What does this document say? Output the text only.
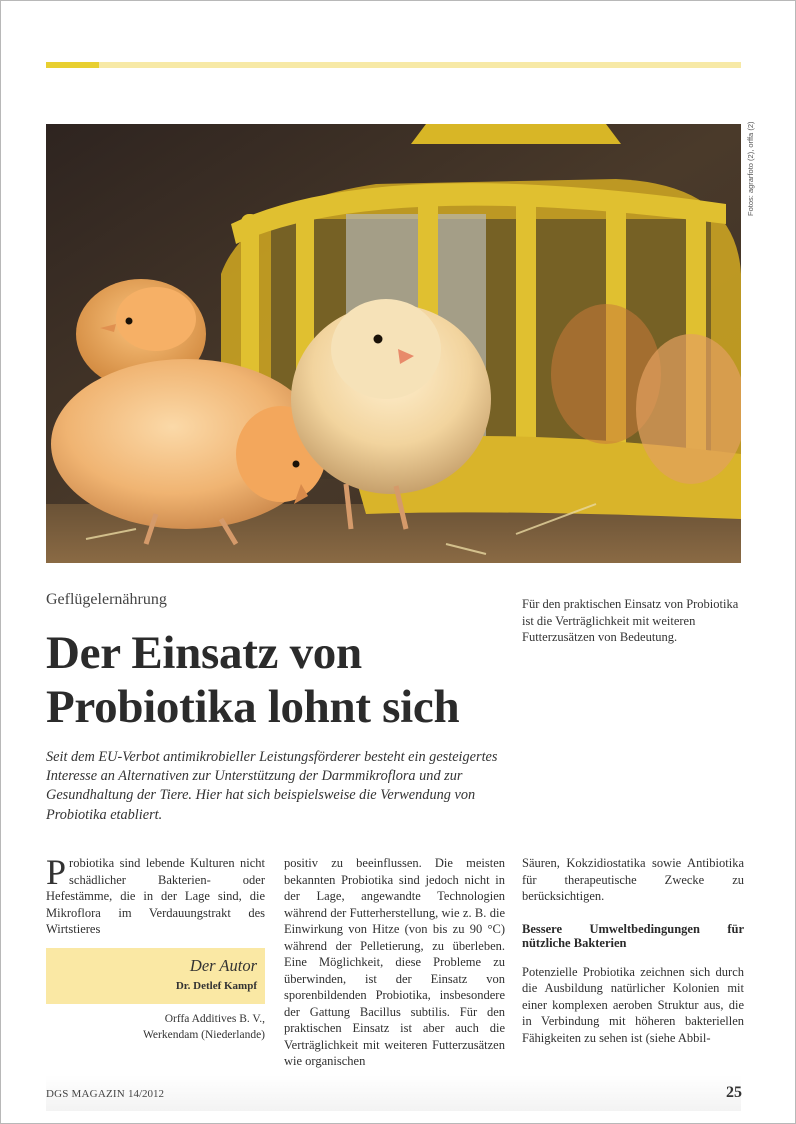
Fotos: agrarfoto (2), orffa (2)
Geflügelernährung
Der Einsatz von Probiotika lohnt sich
Für den praktischen Einsatz von Probiotika ist die Verträglichkeit mit weiteren Futterzusätzen von Bedeutung.
Seit dem EU-Verbot antimikrobieller Leistungsförderer besteht ein gesteigertes Interesse an Alternativen zur Unterstützung der Darmmikroflora und zur Gesundhaltung der Tiere. Hier hat sich beispielsweise die Verwendung von Probiotika etabliert.
Probiotika sind lebende Kulturen nicht schädlicher Bakterien- oder Hefestämme, die in der Lage sind, die Mikroflora im Verdauungstrakt des Wirtstieres
Der Autor
Dr. Detlef Kampf
Orffa Additives B. V.,
Werkendam (Niederlande)
positiv zu beeinflussen. Die meisten bekannten Probiotika sind jedoch nicht in der Lage, angewandte Technologien während der Futterherstellung, wie z. B. die Einwirkung von Hitze (von bis zu 90 °C) während der Pelletierung, zu überleben. Eine Möglichkeit, diese Probleme zu überwinden, ist der Einsatz von sporenbildenden Probiotika, insbesondere der Gattung Bacillus subtilis. Für den praktischen Einsatz ist aber auch die Verträglichkeit mit weiteren Futterzusätzen wie organischen

Säuren, Kokzidiostatika sowie Antibiotika für therapeutische Zwecke zu berücksichtigen.

Bessere Umweltbedingungen für nützliche Bakterien

Potenzielle Probiotika zeichnen sich durch die Ausbildung natürlicher Kolonien mit einer komplexen aeroben Struktur aus, die in Verbindung mit höheren bakteriellen Fähigkeiten zu sehen ist (siehe Abbil-

DGS MAGAZIN 14/2012	25
